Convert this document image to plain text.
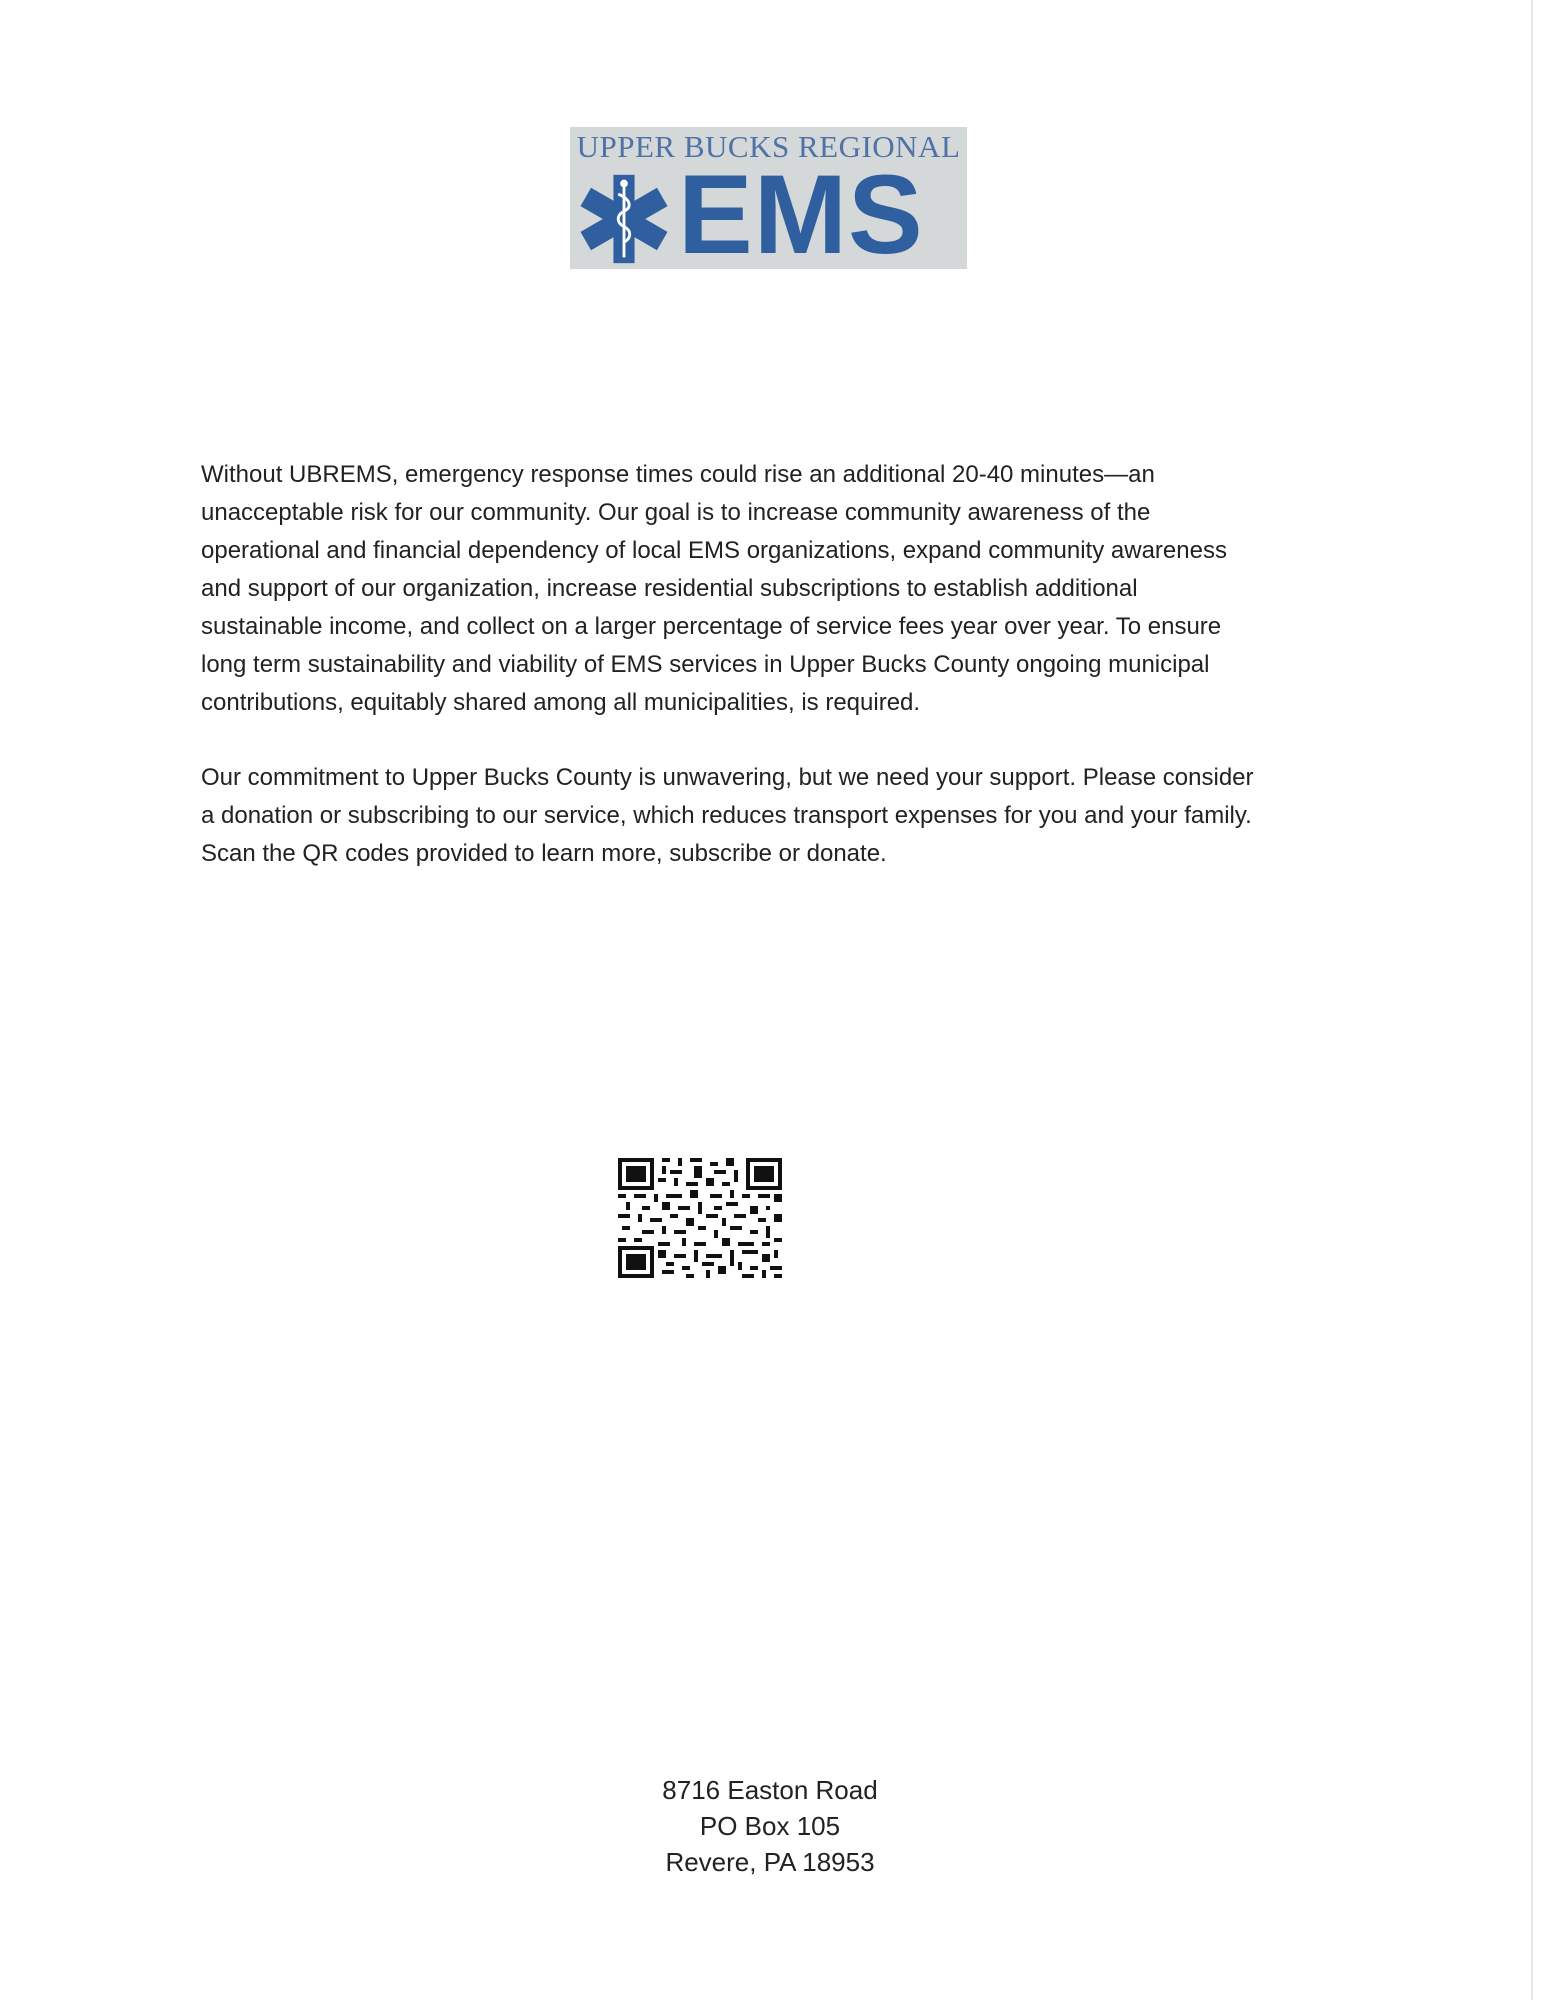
UPPER BUCKS REGIONAL
EMS

Without UBREMS, emergency response times could rise an additional 20-40 minutes—an
unacceptable risk for our community. Our goal is to increase community awareness of the
operational and financial dependency of local EMS organizations, expand community awareness
and support of our organization, increase residential subscriptions to establish additional
sustainable income, and collect on a larger percentage of service fees year over year. To ensure
long term sustainability and viability of EMS services in Upper Bucks County ongoing municipal
contributions, equitably shared among all municipalities, is required.

Our commitment to Upper Bucks County is unwavering, but we need your support. Please consider
a donation or subscribing to our service, which reduces transport expenses for you and your family.
Scan the QR codes provided to learn more, subscribe or donate.

8716 Easton Road
PO Box 105
Revere, PA 18953
